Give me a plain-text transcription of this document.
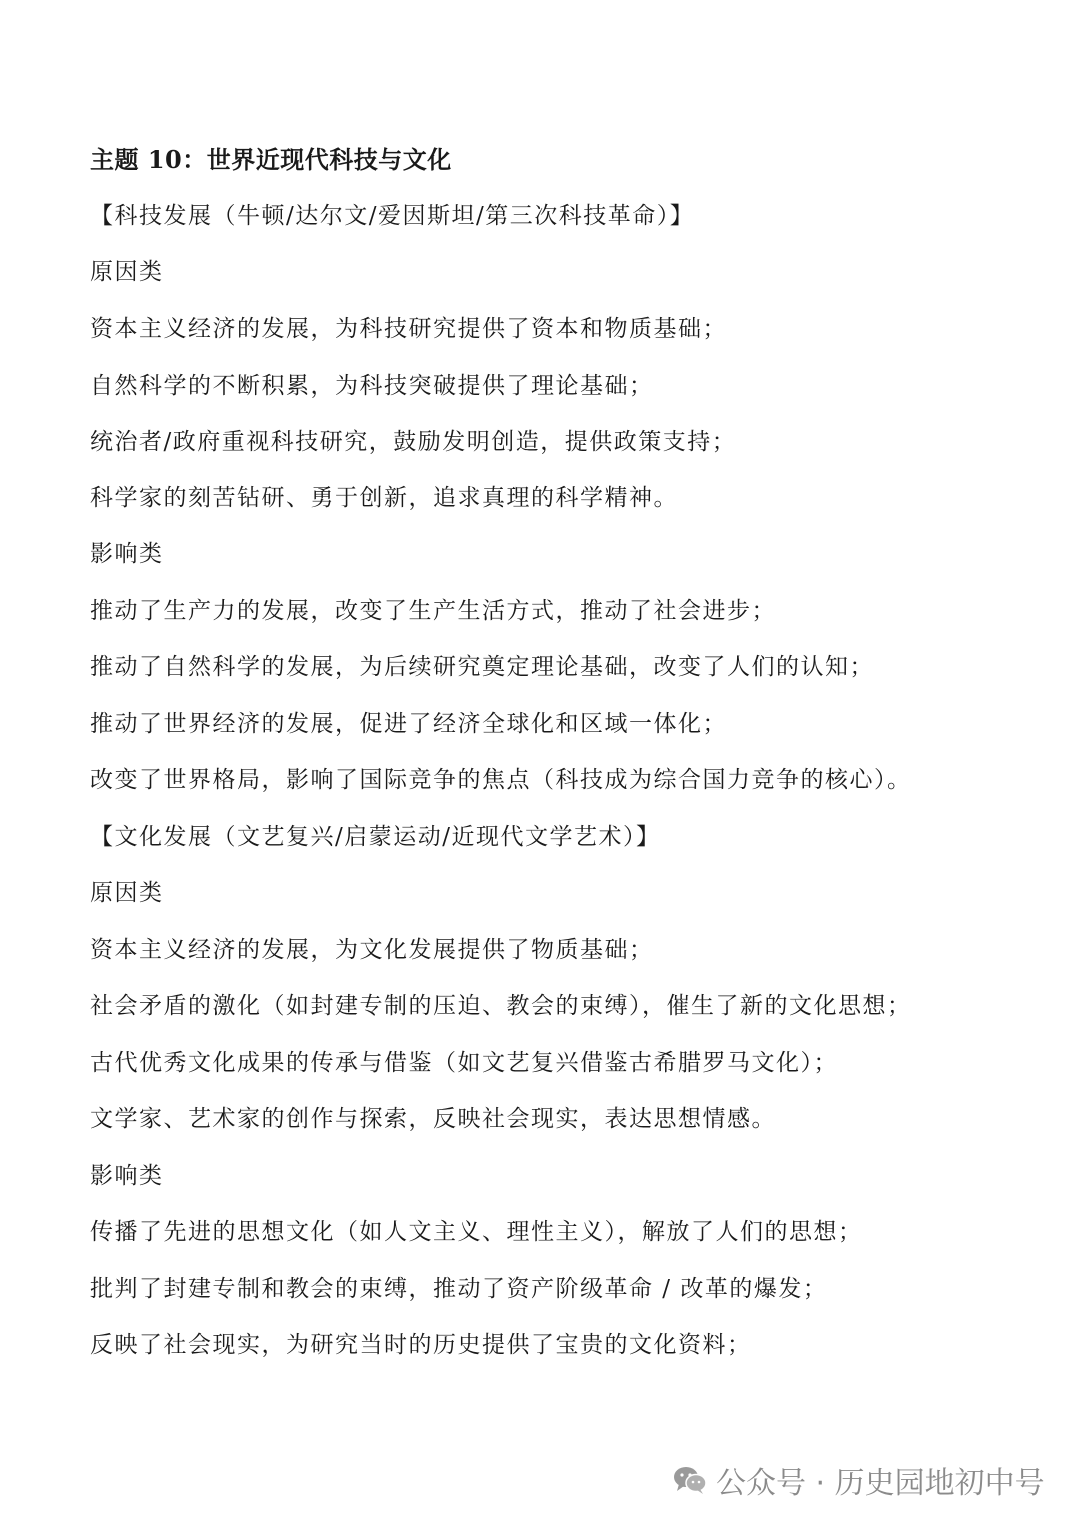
主题 10：世界近现代科技与文化
【科技发展（牛顿/达尔文/爱因斯坦/第三次科技革命）】
原因类
资本主义经济的发展，为科技研究提供了资本和物质基础；
自然科学的不断积累，为科技突破提供了理论基础；
统治者/政府重视科技研究，鼓励发明创造，提供政策支持；
科学家的刻苦钻研、勇于创新，追求真理的科学精神。
影响类
推动了生产力的发展，改变了生产生活方式，推动了社会进步；
推动了自然科学的发展，为后续研究奠定理论基础，改变了人们的认知；
推动了世界经济的发展，促进了经济全球化和区域一体化；
改变了世界格局，影响了国际竞争的焦点（科技成为综合国力竞争的核心）。
【文化发展（文艺复兴/启蒙运动/近现代文学艺术）】
原因类
资本主义经济的发展，为文化发展提供了物质基础；
社会矛盾的激化（如封建专制的压迫、教会的束缚），催生了新的文化思想；
古代优秀文化成果的传承与借鉴（如文艺复兴借鉴古希腊罗马文化）；
文学家、艺术家的创作与探索，反映社会现实，表达思想情感。
影响类
传播了先进的思想文化（如人文主义、理性主义），解放了人们的思想；
批判了封建专制和教会的束缚，推动了资产阶级革命 / 改革的爆发；
反映了社会现实，为研究当时的历史提供了宝贵的文化资料；
公众号 · 历史园地初中号
